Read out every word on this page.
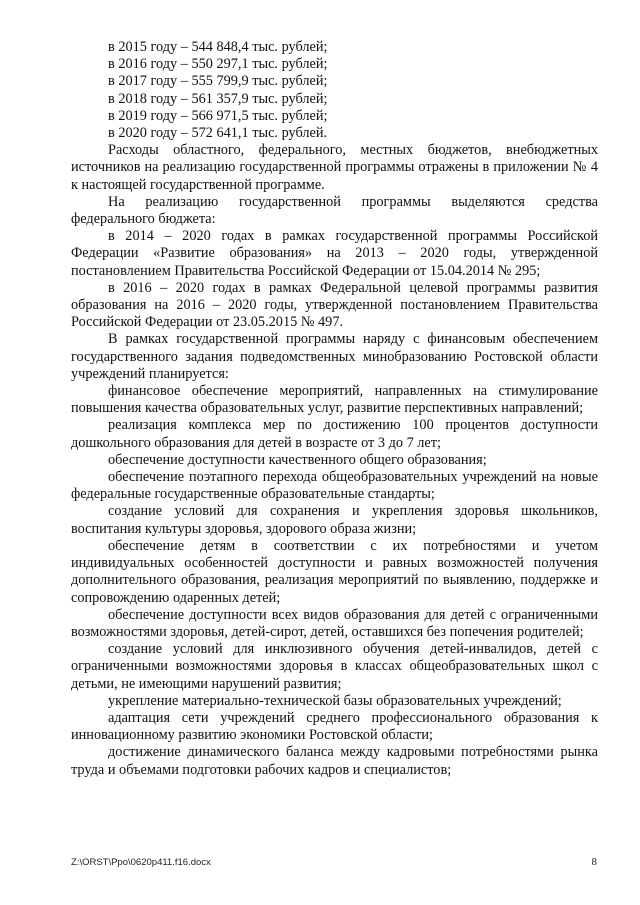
в 2015 году – 544 848,4 тыс. рублей;

в 2016 году – 550 297,1 тыс. рублей;

в 2017 году – 555 799,9 тыс. рублей;

в 2018 году – 561 357,9 тыс. рублей;

в 2019 году – 566 971,5 тыс. рублей;

в 2020 году – 572 641,1 тыс. рублей.

Расходы областного, федерального, местных бюджетов, внебюджетных источников на реализацию государственной программы отражены в приложении № 4 к настоящей государственной программе.

На реализацию государственной программы выделяются средства федерального бюджета:

в 2014 – 2020 годах в рамках государственной программы Российской Федерации «Развитие образования» на 2013 – 2020 годы, утвержденной постановлением Правительства Российской Федерации от 15.04.2014 № 295;

в 2016 – 2020 годах в рамках Федеральной целевой программы развития образования на 2016 – 2020 годы, утвержденной постановлением Правительства Российской Федерации от 23.05.2015 № 497.

В рамках государственной программы наряду с финансовым обеспечением государственного задания подведомственных минобразованию Ростовской области учреждений планируется:

финансовое обеспечение мероприятий, направленных на стимулирование повышения качества образовательных услуг, развитие перспективных направлений;

реализация комплекса мер по достижению 100 процентов доступности дошкольного образования для детей в возрасте от 3 до 7 лет;

обеспечение доступности качественного общего образования;

обеспечение поэтапного перехода общеобразовательных учреждений на новые федеральные государственные образовательные стандарты;

создание условий для сохранения и укрепления здоровья школьников, воспитания культуры здоровья, здорового образа жизни;

обеспечение детям в соответствии с их потребностями и учетом индивидуальных особенностей доступности и равных возможностей получения дополнительного образования, реализация мероприятий по выявлению, поддержке и сопровождению одаренных детей;

обеспечение доступности всех видов образования для детей с ограниченными возможностями здоровья, детей-сирот, детей, оставшихся без попечения родителей;

создание условий для инклюзивного обучения детей-инвалидов, детей с ограниченными возможностями здоровья в классах общеобразовательных школ с детьми, не имеющими нарушений развития;

укрепление материально-технической базы образовательных учреждений;

адаптация сети учреждений среднего профессионального образования к инновационному развитию экономики Ростовской области;

достижение динамического баланса между кадровыми потребностями рынка труда и объемами подготовки рабочих кадров и специалистов;

Z:\ORST\Ppo\0620p411.f16.docx	8
